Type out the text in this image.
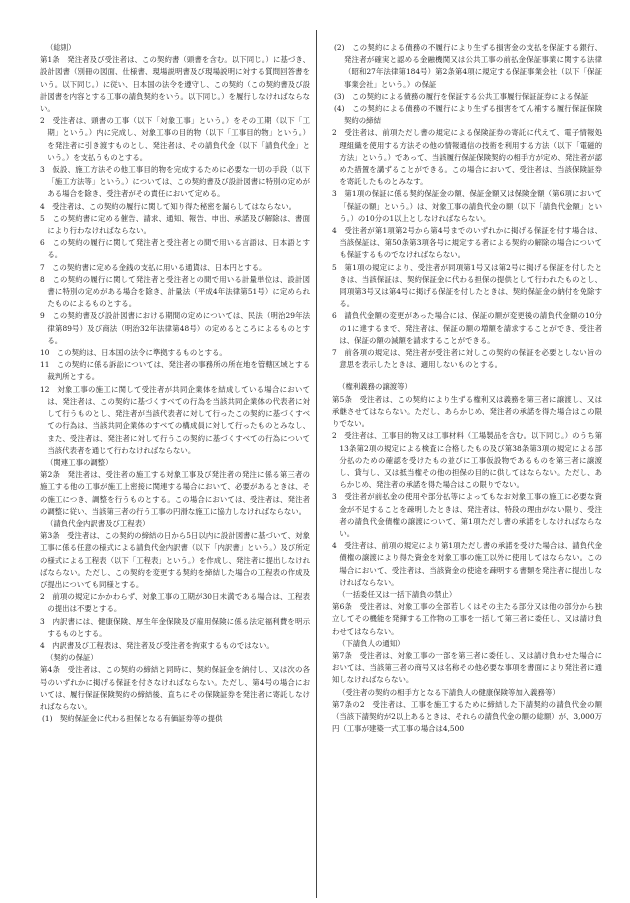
（総則）

第1条　発注者及び受注者は、この契約書（頭書を含む。以下同じ。）に基づき、設計図書（別冊の図面、仕様書、現場説明書及び現場説明に対する質問回答書をいう。以下同じ。）に従い、日本国の法令を遵守し、この契約（この契約書及び設計図書を内容とする工事の請負契約をいう。以下同じ。）を履行しなければならない。

2　受注者は、頭書の工事（以下「対象工事」という。）をその工期（以下「工期」という。）内に完成し、対象工事の目的物（以下「工事目的物」という。）を発注者に引き渡すものとし、発注者は、その請負代金（以下「請負代金」という。）を支払うものとする。

3　仮設、施工方法その他工事目的物を完成するために必要な一切の手段（以下「施工方法等」という。）については、この契約書及び設計図書に特別の定めがある場合を除き、受注者がその責任において定める。

4　受注者は、この契約の履行に関して知り得た秘密を漏らしてはならない。

5　この契約書に定める催告、請求、通知、報告、申出、承諾及び解除は、書面により行わなければならない。

6　この契約の履行に関して発注者と受注者との間で用いる言語は、日本語とする。

7　この契約書に定める金銭の支払に用いる通貨は、日本円とする。

8　この契約の履行に関して発注者と受注者との間で用いる計量単位は、設計図書に特別の定めがある場合を除き、計量法（平成4年法律第51号）に定められたものによるものとする。

9　この契約書及び設計図書における期間の定めについては、民法（明治29年法律第89号）及び商法（明治32年法律第48号）の定めるところによるものとする。

10　この契約は、日本国の法令に準拠するものとする。

11　この契約に係る訴訟については、発注者の事務所の所在地を管轄区域とする裁判所とする。

12　対象工事の施工に関して受注者が共同企業体を結成している場合においては、発注者は、この契約に基づくすべての行為を当該共同企業体の代表者に対して行うものとし、発注者が当該代表者に対して行ったこの契約に基づくすべての行為は、当該共同企業体のすべての構成員に対して行ったものとみなし、また、受注者は、発注者に対して行うこの契約に基づくすべての行為について当該代表者を通じて行わなければならない。

（関連工事の調整）

第2条　発注者は、受注者の施工する対象工事及び発注者の発注に係る第三者の施工する他の工事が施工上密接に関連する場合において、必要があるときは、その施工につき、調整を行うものとする。この場合においては、受注者は、発注者の調整に従い、当該第三者の行う工事の円滑な施工に協力しなければならない。

（請負代金内訳書及び工程表）

第3条　受注者は、この契約の締結の日から5日以内に設計図書に基づいて、対象工事に係る任意の様式による請負代金内訳書（以下「内訳書」という。）及び所定の様式による工程表（以下「工程表」という。）を作成し、発注者に提出しなければならない。ただし、この契約を変更する契約を締結した場合の工程表の作成及び提出についても同様とする。

2　前項の規定にかかわらず、対象工事の工期が30日未満である場合は、工程表の提出は不要とする。

3　内訳書には、健康保険、厚生年金保険及び雇用保険に係る法定福利費を明示するものとする。

4　内訳書及び工程表は、発注者及び受注者を拘束するものではない。

（契約の保証）

第4条　受注者は、この契約の締結と同時に、契約保証金を納付し、又は次の各号のいずれかに掲げる保証を付さなければならない。ただし、第4号の場合においては、履行保証保険契約の締結後、直ちにその保険証券を発注者に寄託しなければならない。

(1)　契約保証金に代わる担保となる有価証券等の提供

(2)　この契約による債務の不履行により生ずる損害金の支払を保証する銀行、発注者が確実と認める金融機関又は公共工事の前払金保証事業に関する法律（昭和27年法律第184号）第2条第4項に規定する保証事業会社（以下「保証事業会社」という。）の保証

(3)　この契約による債務の履行を保証する公共工事履行保証証券による保証

(4)　この契約による債務の不履行により生ずる損害をてん補する履行保証保険契約の締結

2　受注者は、前項ただし書の規定による保険証券の寄託に代えて、電子情報処理組織を使用する方法その他の情報通信の技術を利用する方法（以下「電磁的方法」という。）であって、当該履行保証保険契約の相手方が定め、発注者が認めた措置を講ずることができる。この場合において、受注者は、当該保険証券を寄託したものとみなす。

3　第1項の保証に係る契約保証金の額、保証金額又は保険金額（第6項において「保証の額」という。）は、対象工事の請負代金の額（以下「請負代金額」という。）の10分の1以上としなければならない。

4　受注者が第1項第2号から第4号までのいずれかに掲げる保証を付す場合は、当該保証は、第50条第3項各号に規定する者による契約の解除の場合についても保証するものでなければならない。

5　第1項の規定により、受注者が同項第1号又は第2号に掲げる保証を付したときは、当該保証は、契約保証金に代わる担保の提供として行われたものとし、同項第3号又は第4号に掲げる保証を付したときは、契約保証金の納付を免除する。

6　請負代金額の変更があった場合には、保証の額が変更後の請負代金額の10分の1に達するまで、発注者は、保証の額の増額を請求することができ、受注者は、保証の額の減額を請求することができる。

7　前各項の規定は、発注者が受注者に対しこの契約の保証を必要としない旨の意思を表示したときは、適用しないものとする。

（権利義務の譲渡等）

第5条　受注者は、この契約により生ずる権利又は義務を第三者に譲渡し、又は承継させてはならない。ただし、あらかじめ、発注者の承諾を得た場合はこの限りでない。

2　受注者は、工事目的物又は工事材料（工場製品を含む。以下同じ。）のうち第13条第2項の規定による検査に合格したもの及び第38条第3項の規定による部分払のための確認を受けたもの並びに工事仮設物であるものを第三者に譲渡し、貸与し、又は抵当権その他の担保の目的に供してはならない。ただし、あらかじめ、発注者の承諾を得た場合はこの限りでない。

3　受注者が前払金の使用や部分払等によってもなお対象工事の施工に必要な資金が不足することを疎明したときは、発注者は、特段の理由がない限り、受注者の請負代金債権の譲渡について、第1項ただし書の承諾をしなければならない。

4　受注者は、前項の規定により第1項ただし書の承諾を受けた場合は、請負代金債権の譲渡により得た資金を対象工事の施工以外に使用してはならない。この場合において、受注者は、当該資金の使途を疎明する書類を発注者に提出しなければならない。

（一括委任又は一括下請負の禁止）

第6条　受注者は、対象工事の全部若しくはその主たる部分又は他の部分から独立してその機能を発揮する工作物の工事を一括して第三者に委任し、又は請け負わせてはならない。

（下請負人の通知）

第7条　受注者は、対象工事の一部を第三者に委任し、又は請け負わせた場合においては、当該第三者の商号又は名称その他必要な事項を書面により発注者に通知しなければならない。

（受注者の契約の相手方となる下請負人の健康保険等加入義務等）

第7条の2　受注者は、工事を施工するために締結した下請契約の請負代金の額（当該下請契約が2以上あるときは、それらの請負代金の額の総額）が、3,000万円（工事が建築一式工事の場合は4,500
